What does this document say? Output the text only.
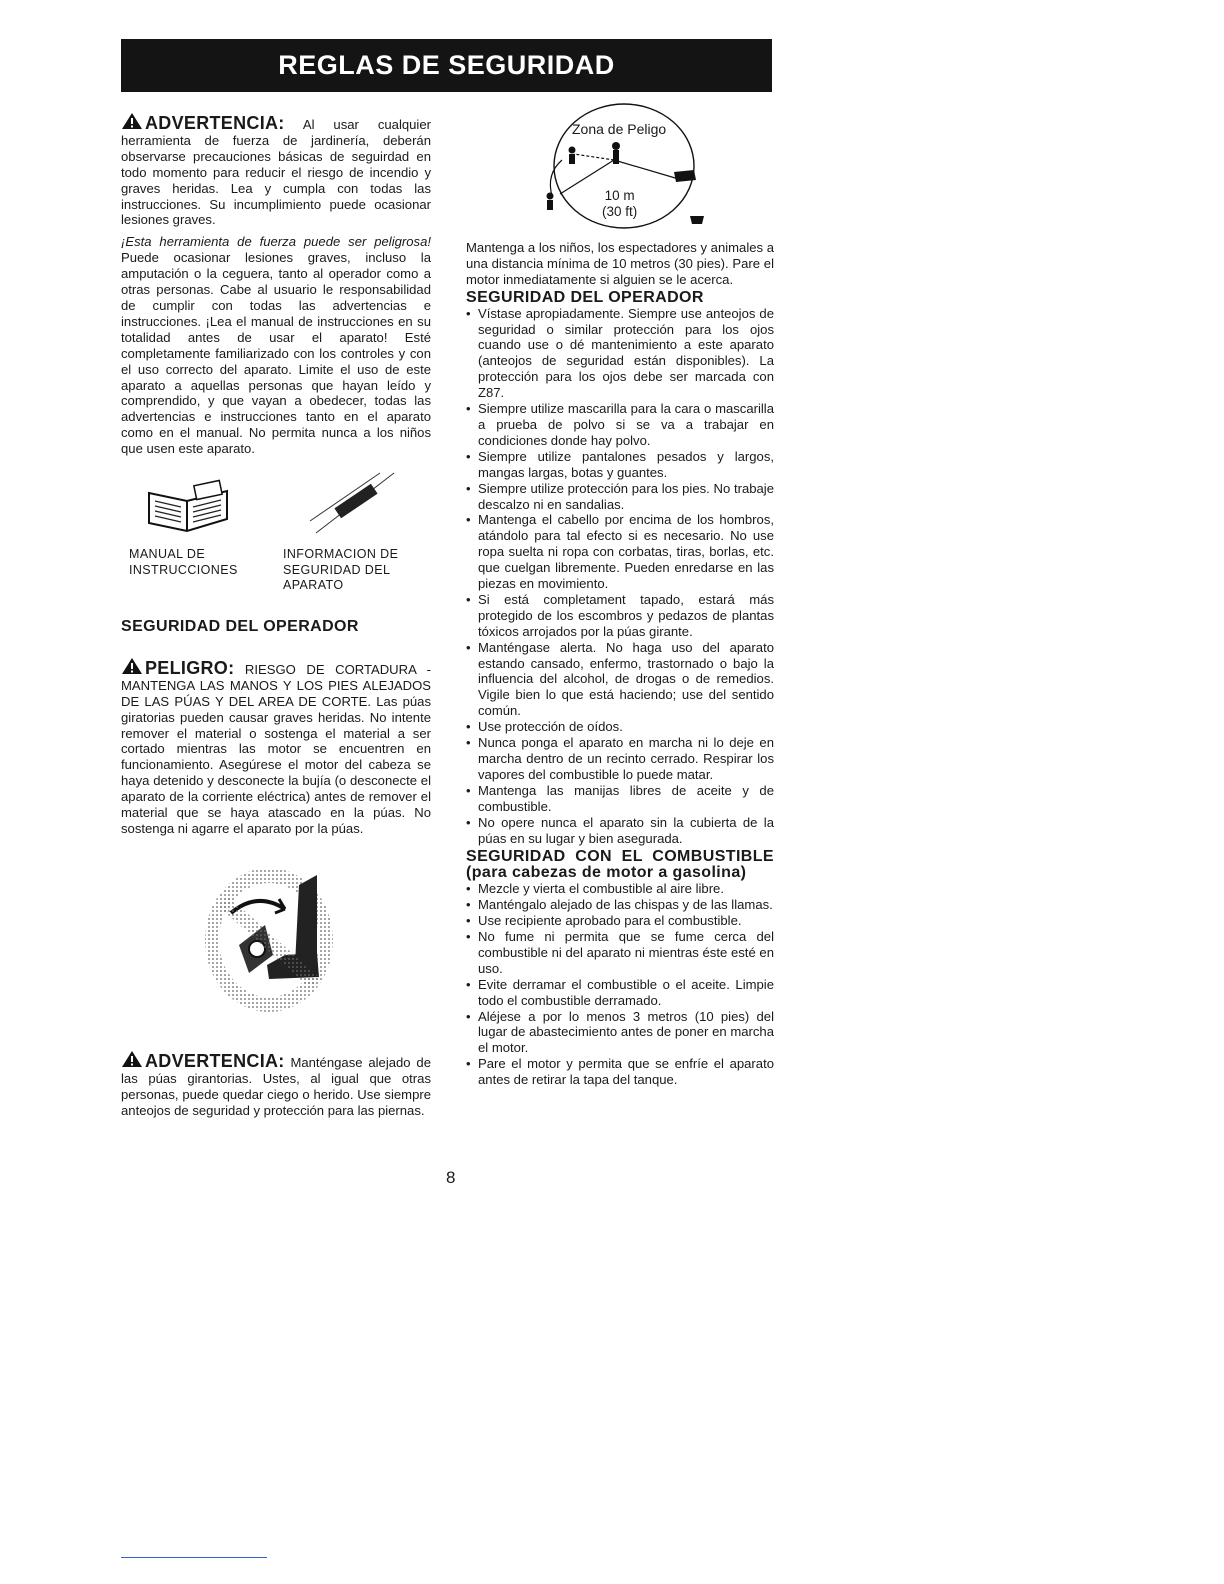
REGLAS DE SEGURIDAD

ADVERTENCIA: Al usar cualquier herramienta de fuerza de jardinería, deberán observarse precauciones básicas de seguirdad en todo momento para reducir el riesgo de incendio y graves heridas. Lea y cumpla con todas las instrucciones. Su incumplimiento puede ocasionar lesiones graves.

¡Esta herramienta de fuerza puede ser peligrosa! Puede ocasionar lesiones graves, incluso la amputación o la ceguera, tanto al operador como a otras personas. Cabe al usuario le responsabilidad de cumplir con todas las advertencias e instrucciones. ¡Lea el manual de instrucciones en su totalidad antes de usar el aparato! Esté completamente familiarizado con los controles y con el uso correcto del aparato. Limite el uso de este aparato a aquellas personas que hayan leído y comprendido, y que vayan a obedecer, todas las advertencias e instrucciones tanto en el aparato como en el manual. No permita nunca a los niños que usen este aparato.

MANUAL DE
INSTRUCCIONES
INFORMACION DE
SEGURIDAD DEL
APARATO
SEGURIDAD DEL OPERADOR

PELIGRO: RIESGO DE CORTADURA - MANTENGA LAS MANOS Y LOS PIES ALEJADOS DE LAS PÚAS Y DEL AREA DE CORTE. Las púas giratorias pueden causar graves heridas. No intente remover el material o sostenga el material a ser cortado mientras las motor se encuentren en funcionamiento. Asegúrese el motor del cabeza se haya detenido y desconecte la bujía (o desconecte el aparato de la corriente eléctrica) antes de remover el material que se haya atascado en la púas. No sostenga ni agarre el aparato por la púas.

ADVERTENCIA: Manténgase alejado de las púas girantorias. Ustes, al igual que otras personas, puede quedar ciego o herido. Use siempre anteojos de seguridad y protección para las piernas.

Zona de Peligo
10 m
(30 ft)

Mantenga a los niños, los espectadores y animales a una distancia mínima de 10 metros (30 pies). Pare el motor inmediatamente si alguien se le acerca.

SEGURIDAD DEL OPERADOR
• Vístase apropiadamente. Siempre use anteojos de seguridad o similar protección para los ojos cuando use o dé mantenimiento a este aparato (anteojos de seguridad están disponibles). La protección para los ojos debe ser marcada con Z87.
• Siempre utilize mascarilla para la cara o mascarilla a prueba de polvo si se va a trabajar en condiciones donde hay polvo.
• Siempre utilize pantalones pesados y largos, mangas largas, botas y guantes.
• Siempre utilize protección para los pies. No trabaje descalzo ni en sandalias.
• Mantenga el cabello por encima de los hombros, atándolo para tal efecto si es necesario. No use ropa suelta ni ropa con corbatas, tiras, borlas, etc. que cuelgan libremente. Pueden enredarse en las piezas en movimiento.
• Si está completament tapado, estará más protegido de los escombros y pedazos de plantas tóxicos arrojados por la púas girante.
• Manténgase alerta. No haga uso del aparato estando cansado, enfermo, trastornado o bajo la influencia del alcohol, de drogas o de remedios. Vigile bien lo que está haciendo; use del sentido común.
• Use protección de oídos.
• Nunca ponga el aparato en marcha ni lo deje en marcha dentro de un recinto cerrado. Respirar los vapores del combustible lo puede matar.
• Mantenga las manijas libres de aceite y de combustible.
• No opere nunca el aparato sin la cubierta de la púas en su lugar y bien asegurada.
SEGURIDAD CON EL COMBUSTIBLE
(para cabezas de motor a gasolina)
• Mezcle y vierta el combustible al aire libre.
• Manténgalo alejado de las chispas y de las llamas.
• Use recipiente aprobado para el combustible.
• No fume ni permita que se fume cerca del combustible ni del aparato ni mientras éste esté en uso.
• Evite derramar el combustible o el aceite. Limpie todo el combustible derramado.
• Aléjese a por lo menos 3 metros (10 pies) del lugar de abastecimiento antes de poner en marcha el motor.
• Pare el motor y permita que se enfríe el aparato antes de retirar la tapa del tanque.
8
